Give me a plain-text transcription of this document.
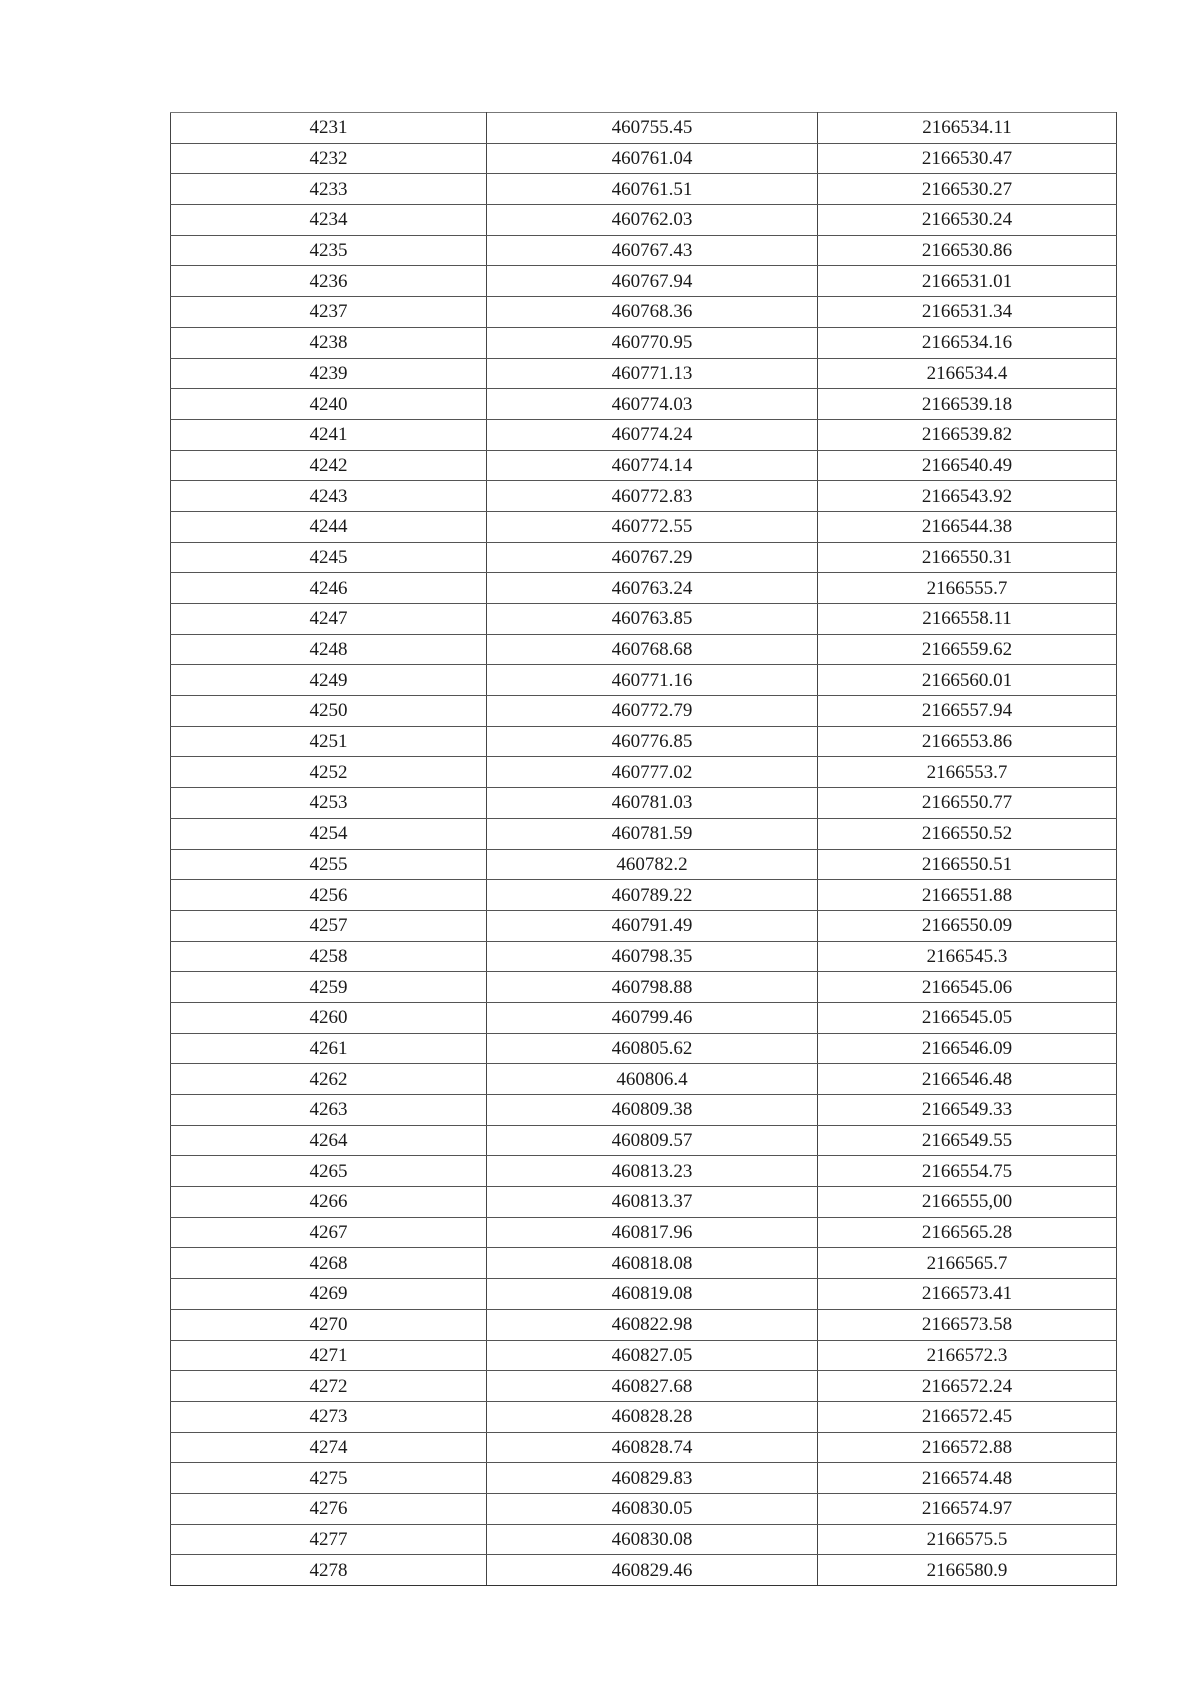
4231	460755.45	2166534.11
4232	460761.04	2166530.47
4233	460761.51	2166530.27
4234	460762.03	2166530.24
4235	460767.43	2166530.86
4236	460767.94	2166531.01
4237	460768.36	2166531.34
4238	460770.95	2166534.16
4239	460771.13	2166534.4
4240	460774.03	2166539.18
4241	460774.24	2166539.82
4242	460774.14	2166540.49
4243	460772.83	2166543.92
4244	460772.55	2166544.38
4245	460767.29	2166550.31
4246	460763.24	2166555.7
4247	460763.85	2166558.11
4248	460768.68	2166559.62
4249	460771.16	2166560.01
4250	460772.79	2166557.94
4251	460776.85	2166553.86
4252	460777.02	2166553.7
4253	460781.03	2166550.77
4254	460781.59	2166550.52
4255	460782.2	2166550.51
4256	460789.22	2166551.88
4257	460791.49	2166550.09
4258	460798.35	2166545.3
4259	460798.88	2166545.06
4260	460799.46	2166545.05
4261	460805.62	2166546.09
4262	460806.4	2166546.48
4263	460809.38	2166549.33
4264	460809.57	2166549.55
4265	460813.23	2166554.75
4266	460813.37	2166555,00
4267	460817.96	2166565.28
4268	460818.08	2166565.7
4269	460819.08	2166573.41
4270	460822.98	2166573.58
4271	460827.05	2166572.3
4272	460827.68	2166572.24
4273	460828.28	2166572.45
4274	460828.74	2166572.88
4275	460829.83	2166574.48
4276	460830.05	2166574.97
4277	460830.08	2166575.5
4278	460829.46	2166580.9
